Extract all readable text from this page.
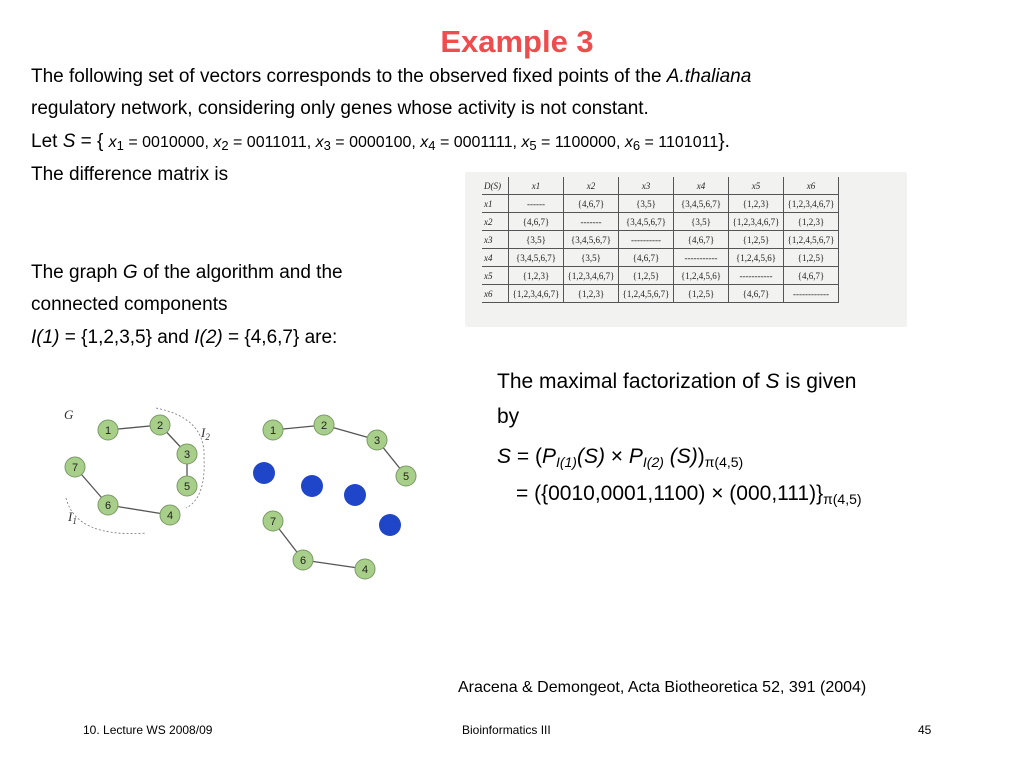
Example 3
The following set of vectors corresponds to the observed fixed points of the A.thaliana
regulatory network, considering only genes whose activity is not constant.
Let S = { $x_1 = 0010000$, $x_2 = 0011011$, $x_3 = 0000100$, $x_4 = 0001111$, $x_5 = 1100000$, $x_6 = 1101011$}.
The difference matrix is
The graph G of the algorithm and the
connected components
I(1) = {1,2,3,5} and I(2) = {4,6,7} are:
D(S)	x1	x2	x3	x4	x5	x6
x1	------	{4,6,7}	{3,5}	{3,4,5,6,7}	{1,2,3}	{1,2,3,4,6,7}
x2	{4,6,7}	-------	{3,4,5,6,7}	{3,5}	{1,2,3,4,6,7}	{1,2,3}
x3	{3,5}	{3,4,5,6,7}	----------	{4,6,7}	{1,2,5}	{1,2,4,5,6,7}
x4	{3,4,5,6,7}	{3,5}	{4,6,7}	-----------	{1,2,4,5,6}	{1,2,5}
x5	{1,2,3}	{1,2,3,4,6,7}	{1,2,5}	{1,2,4,5,6}	-----------	{4,6,7}
x6	{1,2,3,4,6,7}	{1,2,3}	{1,2,4,5,6,7}	{1,2,5}	{4,6,7}	------------
G
$I_2$
$I_1$
1	2
3
5
7
6
4
1	2
3
5
7
6
4
The maximal factorization of S is given
by
S = (PI(1)(S) × PI(2) (S))π(4,5)
= ({0010,0001,1100) × (000,111)}π(4,5)
Aracena & Demongeot, Acta Biotheoretica 52, 391 (2004)
10. Lecture WS 2008/09	Bioinformatics III	45
